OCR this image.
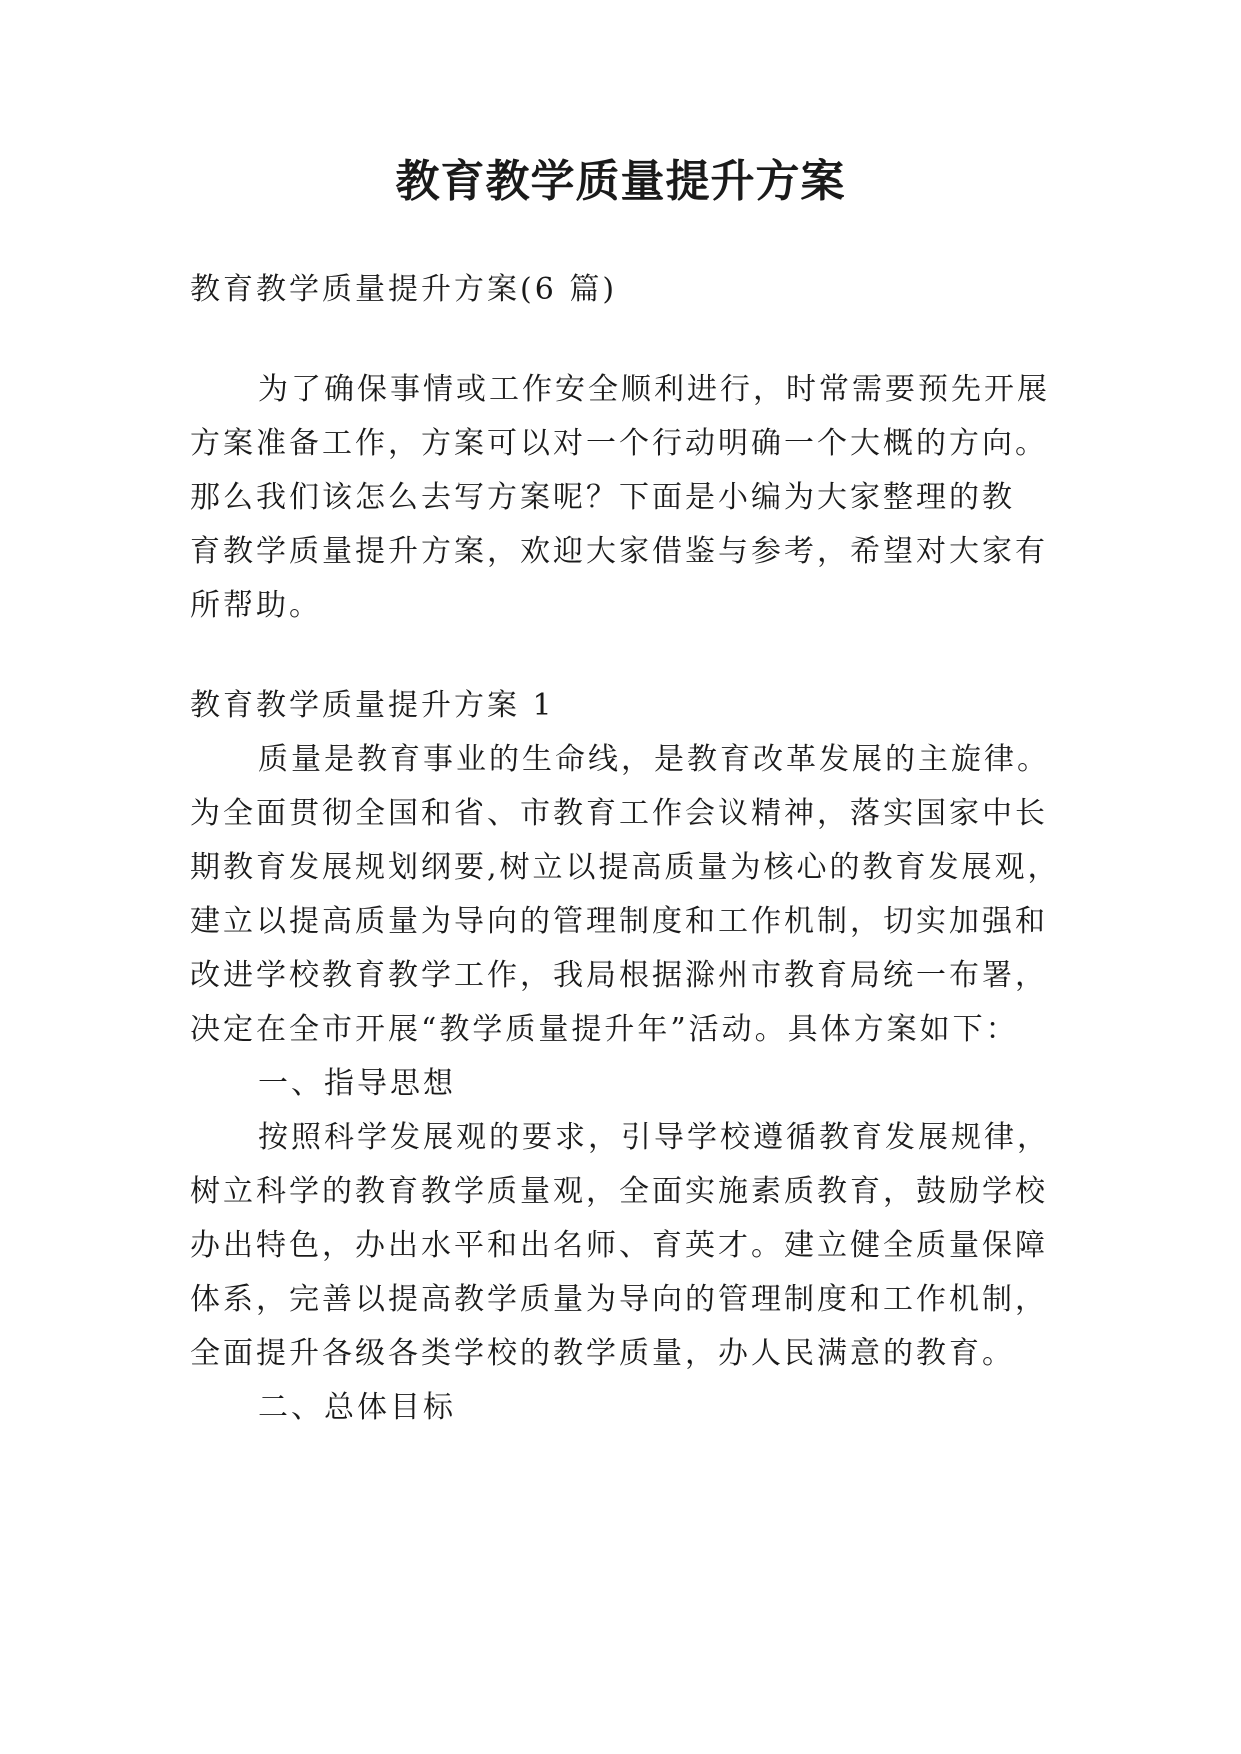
教育教学质量提升方案

教育教学质量提升方案(6 篇)

为了确保事情或工作安全顺利进行，时常需要预先开展

方案准备工作，方案可以对一个行动明确一个大概的方向。

那么我们该怎么去写方案呢？下面是小编为大家整理的教

育教学质量提升方案，欢迎大家借鉴与参考，希望对大家有

所帮助。

教育教学质量提升方案 1

质量是教育事业的生命线，是教育改革发展的主旋律。

为全面贯彻全国和省、市教育工作会议精神，落实国家中长

期教育发展规划纲要,树立以提高质量为核心的教育发展观，

建立以提高质量为导向的管理制度和工作机制，切实加强和

改进学校教育教学工作，我局根据滁州市教育局统一布署，

决定在全市开展“教学质量提升年”活动。具体方案如下：

一、指导思想

按照科学发展观的要求，引导学校遵循教育发展规律，

树立科学的教育教学质量观，全面实施素质教育，鼓励学校

办出特色，办出水平和出名师、育英才。建立健全质量保障

体系，完善以提高教学质量为导向的管理制度和工作机制，

全面提升各级各类学校的教学质量，办人民满意的教育。

二、总体目标
